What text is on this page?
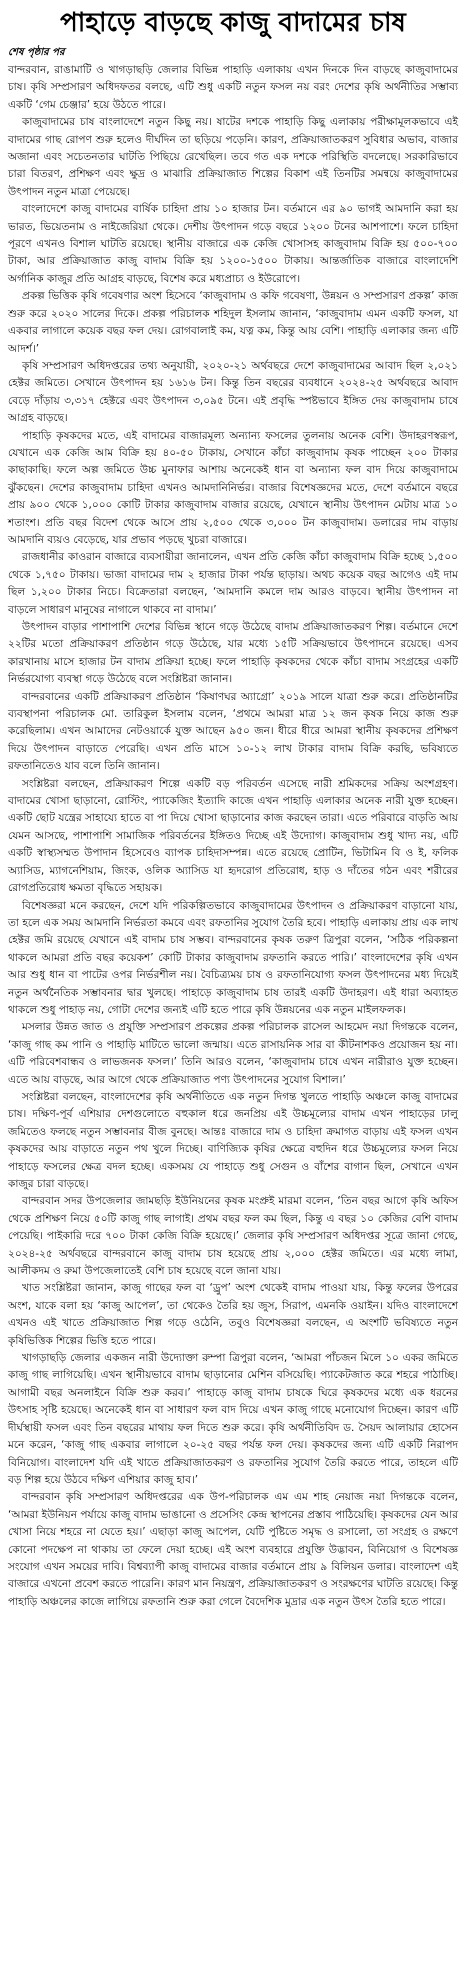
পাহাড়ে বাড়ছে কাজু বাদামের চাষ
শেষ পৃষ্ঠার পর

বান্দরবান, রাঙামাটি ও খাগড়াছড়ি জেলার বিভিন্ন পাহাড়ি এলাকায় এখন দিনকে দিন বাড়ছে কাজুবাদামের চাষ। কৃষি সম্প্রসারণ অধিদফতর বলছে, এটি শুধু একটি নতুন ফসল নয় বরং দেশের কৃষি অর্থনীতির সম্ভাব্য একটি ‘গেম চেঞ্জার’ হয়ে উঠতে পারে।

কাজুবাদামের চাষ বাংলাদেশে নতুন কিছু নয়। ষাটের দশকে পাহাড়ি কিছু এলাকায় পরীক্ষামূলকভাবে এই বাদামের গাছ রোপণ শুরু হলেও দীর্ঘদিন তা ছড়িয়ে পড়েনি। কারণ, প্রক্রিয়াজাতকরণ সুবিধার অভাব, বাজার অজানা এবং সচেতনতার ঘাটতি পিছিয়ে রেখেছিল। তবে গত এক দশকে পরিস্থিতি বদলেছে। সরকারিভাবে চারা বিতরণ, প্রশিক্ষণ এবং ক্ষুদ্র ও মাঝারি প্রক্রিয়াজাত শিল্পের বিকাশ এই তিনটির সমন্বয়ে কাজুবাদামের উৎপাদন নতুন মাত্রা পেয়েছে।

বাংলাদেশে কাজু বাদামের বার্ষিক চাহিদা প্রায় ১০ হাজার টন। বর্তমানে এর ৯০ ভাগই আমদানি করা হয় ভারত, ভিয়েতনাম ও নাইজেরিয়া থেকে। দেশীয় উৎপাদন গড়ে বছরে ১২০০ টনের আশপাশে। ফলে চাহিদা পূরণে এখনও বিশাল ঘাটতি রয়েছে। স্থানীয় বাজারে এক কেজি খোসাসহ কাজুবাদাম বিক্রি হয় ৫০০-৭০০ টাকা, আর প্রক্রিয়াজাত কাজু বাদাম বিক্রি হয় ১২০০-১৫০০ টাকায়। আন্তর্জাতিক বাজারে বাংলাদেশি অর্গানিক কাজুর প্রতি আগ্রহ বাড়ছে, বিশেষ করে মধ্যপ্রাচ্য ও ইউরোপে।

প্রকল্প ভিত্তিক কৃষি গবেষণার অংশ হিসেবে ‘কাজুবাদাম ও কফি গবেষণা, উন্নয়ন ও সম্প্রসারণ প্রকল্প’ কাজ শুরু করে ২০২০ সালের দিকে। প্রকল্প পরিচালক শহিদুল ইসলাম জানান, ‘কাজুবাদাম এমন একটি ফসল, যা একবার লাগালে কয়েক বছর ফল দেয়। রোগবালাই কম, যত্ন কম, কিন্তু আয় বেশি। পাহাড়ি এলাকার জন্য এটি আদর্শ।’

কৃষি সম্প্রসারণ অধিদপ্তরের তথ্য অনুযায়ী, ২০২০-২১ অর্থবছরে দেশে কাজুবাদামের আবাদ ছিল ২,০২১ হেক্টর জমিতে। সেখানে উৎপাদন হয় ১৬১৬ টন। কিন্তু তিন বছরের ব্যবধানে ২০২৪-২৫ অর্থবছরে আবাদ বেড়ে দাঁড়ায় ৩,৩১৭ হেক্টরে এবং উৎপাদন ৩,০৯৫ টনে। এই প্রবৃদ্ধি স্পষ্টভাবে ইঙ্গিত দেয় কাজুবাদাম চাষে আগ্রহ বাড়ছে।

পাহাড়ি কৃষকদের মতে, এই বাদামের বাজারমূল্য অন্যান্য ফসলের তুলনায় অনেক বেশি। উদাহরণস্বরূপ, যেখানে এক কেজি আম বিক্রি হয় ৪০-৫০ টাকায়, সেখানে কাঁচা কাজুবাদাম কৃষক পাচ্ছেন ২০০ টাকার কাছাকাছি। ফলে অল্প জমিতে উচ্চ মুনাফার আশায় অনেকেই ধান বা অন্যান্য ফল বাদ দিয়ে কাজুবাদামে ঝুঁকছেন। দেশের কাজুবাদাম চাহিদা এখনও আমদানিনির্ভর। বাজার বিশেষজ্ঞদের মতে, দেশে বর্তমানে বছরে প্রায় ৯০০ থেকে ১,০০০ কোটি টাকার কাজুবাদাম বাজার রয়েছে, যেখানে স্থানীয় উৎপাদন মেটায় মাত্র ১০ শতাংশ। প্রতি বছর বিদেশ থেকে আসে প্রায় ২,৫০০ থেকে ৩,০০০ টন কাজুবাদাম। ডলারের দাম বাড়ায় আমদানি ব্যয়ও বেড়েছে, যার প্রভাব পড়ছে খুচরা বাজারে।

রাজধানীর কাওরান বাজারে ব্যবসায়ীরা জানালেন, এখন প্রতি কেজি কাঁচা কাজুবাদাম বিক্রি হচ্ছে ১,৫০০ থেকে ১,৭৫০ টাকায়। ভাজা বাদামের দাম ২ হাজার টাকা পর্যন্ত ছাড়ায়। অথচ কয়েক বছর আগেও এই দাম ছিল ১,২০০ টাকার নিচে। বিক্রেতারা বলছেন, ‘আমদানি কমলে দাম আরও বাড়বে। স্থানীয় উৎপাদন না বাড়লে সাধারণ মানুষের নাগালে থাকবে না বাদাম।’

উৎপাদন বাড়ার পাশাপাশি দেশের বিভিন্ন স্থানে গড়ে উঠেছে বাদাম প্রক্রিয়াজাতকরণ শিল্প। বর্তমানে দেশে ২২টির মতো প্রক্রিয়াকরণ প্রতিষ্ঠান গড়ে উঠেছে, যার মধ্যে ১৫টি সক্রিয়ভাবে উৎপাদনে রয়েছে। এসব কারখানায় মাসে হাজার টন বাদাম প্রক্রিয়া হচ্ছে। ফলে পাহাড়ি কৃষকদের থেকে কাঁচা বাদাম সংগ্রহের একটি নির্ভরযোগ্য ব্যবস্থা গড়ে উঠেছে বলে সংশ্লিষ্টরা জানান।

বান্দরবানের একটি প্রক্রিয়াকরণ প্রতিষ্ঠান ‘কিষাণঘর অ্যাগ্রো’ ২০১৯ সালে যাত্রা শুরু করে। প্রতিষ্ঠানটির ব্যবস্থাপনা পরিচালক মো. তারিকুল ইসলাম বলেন, ‘প্রথমে আমরা মাত্র ১২ জন কৃষক নিয়ে কাজ শুরু করেছিলাম। এখন আমাদের নেটওয়ার্কে যুক্ত আছেন ৯৫০ জন। ধীরে ধীরে আমরা স্থানীয় কৃষকদের প্রশিক্ষণ দিয়ে উৎপাদন বাড়াতে পেরেছি। এখন প্রতি মাসে ১০-১২ লাখ টাকার বাদাম বিক্রি করছি, ভবিষ্যতে রফতানিতেও যাব বলে তিনি জানান।

সংশ্লিষ্টরা বলছেন, প্রক্রিয়াকরণ শিল্পে একটি বড় পরিবর্তন এসেছে নারী শ্রমিকদের সক্রিয় অংশগ্রহণ। বাদামের খোসা ছাড়ানো, রোস্টিং, প্যাকেজিং ইত্যাদি কাজে এখন পাহাড়ি এলাকার অনেক নারী যুক্ত হচ্ছেন। একটি ছোট যন্ত্রের সাহায্যে হাতে বা পা দিয়ে খোসা ছাড়ানোর কাজ করছেন তারা। এতে পরিবারে বাড়তি আয় যেমন আসছে, পাশাপাশি সামাজিক পরিবর্তনের ইঙ্গিতও দিচ্ছে এই উদ্যোগ। কাজুবাদাম শুধু খাদ্য নয়, এটি একটি স্বাস্থ্যসম্মত উপাদান হিসেবেও ব্যাপক চাহিদাসম্পন্ন। এতে রয়েছে প্রোটিন, ভিটামিন বি ও ই, ফলিক অ্যাসিড, ম্যাগনেশিয়াম, জিংক, ওলিক অ্যাসিড যা হৃদরোগ প্রতিরোধ, হাড় ও দাঁতের গঠন এবং শরীরের রোগপ্রতিরোধ ক্ষমতা বৃদ্ধিতে সহায়ক।

বিশেষজ্ঞরা মনে করছেন, দেশে যদি পরিকল্পিতভাবে কাজুবাদামের উৎপাদন ও প্রক্রিয়াকরণ বাড়ানো যায়, তা হলে এক সময় আমদানি নির্ভরতা কমবে এবং রফতানির সুযোগ তৈরি হবে। পাহাড়ি এলাকায় প্রায় এক লাখ হেক্টর জমি রয়েছে যেখানে এই বাদাম চাষ সম্ভব। বান্দরবানের কৃষক তরুণ ত্রিপুরা বলেন, ‘সঠিক পরিকল্পনা থাকলে আমরা প্রতি বছর কয়েকশ’ কোটি টাকার কাজুবাদাম রফতানি করতে পারি।’ বাংলাদেশের কৃষি এখন আর শুধু ধান বা পাটের ওপর নির্ভরশীল নয়। বৈচিত্র্যময় চাষ ও রফতানিযোগ্য ফসল উৎপাদনের মধ্য দিয়েই নতুন অর্থনৈতিক সম্ভাবনার দ্বার খুলছে। পাহাড়ে কাজুবাদাম চাষ তারই একটি উদাহরণ। এই ধারা অব্যাহত থাকলে শুধু পাহাড় নয়, গোটা দেশের জন্যই এটি হতে পারে কৃষি উন্নয়নের এক নতুন মাইলফলক।

মসলার উন্নত জাত ও প্রযুক্তি সম্প্রসারণ প্রকল্পের প্রকল্প পরিচালক রাসেল আহমেদ নয়া দিগন্তকে বলেন, ‘কাজু গাছ কম পানি ও পাহাড়ি মাটিতে ভালো জন্মায়। এতে রাসায়নিক সার বা কীটনাশকও প্রয়োজন হয় না। এটি পরিবেশবান্ধব ও লাভজনক ফসল।’ তিনি আরও বলেন, ‘কাজুবাদাম চাষে এখন নারীরাও যুক্ত হচ্ছেন। এতে আয় বাড়ছে, আর আগে থেকে প্রক্রিয়াজাত পণ্য উৎপাদনের সুযোগ বিশাল।’

সংশ্লিষ্টরা বলছেন, বাংলাদেশের কৃষি অর্থনীতিতে এক নতুন দিগন্ত খুলতে পাহাড়ি অঞ্চলে কাজু বাদামের চাষ। দক্ষিণ-পূর্ব এশিয়ার দেশগুলোতে বহুকাল ধরে জনপ্রিয় এই উচ্চমূল্যের বাদাম এখন পাহাড়ের ঢালু জমিতেও ফলছে নতুন সম্ভাবনার বীজ বুনছে। আন্তঃ বাজারে দাম ও চাহিদা ক্রমাগত বাড়ায় এই ফসল এখন কৃষকদের আয় বাড়াতে নতুন পথ খুলে দিচ্ছে। বাণিজ্যিক কৃষির ক্ষেত্রে বহুদিন ধরে উচ্চমূল্যের ফসল নিয়ে পাহাড়ে ফসলের ক্ষেত্র বদল হচ্ছে। একসময় যে পাহাড়ে শুধু সেগুন ও বাঁশের বাগান ছিল, সেখানে এখন কাজুর চারা বাড়ছে।

বান্দরবান সদর উপজেলার জামছড়ি ইউনিয়নের কৃষক মংপ্রুই মারমা বলেন, ‘তিন বছর আগে কৃষি অফিস থেকে প্রশিক্ষণ নিয়ে ৫০টি কাজু গাছ লাগাই। প্রথম বছর ফল কম ছিল, কিন্তু এ বছর ১০ কেজির বেশি বাদাম পেয়েছি। পাইকারি দরে ৭০০ টাকা কেজি বিক্রি হয়েছে।’ জেলার কৃষি সম্প্রসারণ অধিদপ্তর সূত্রে জানা গেছে, ২০২৪-২৫ অর্থবছরে বান্দরবানে কাজু বাদাম চাষ হয়েছে প্রায় ২,০০০ হেক্টর জমিতে। এর মধ্যে লামা, আলীকদম ও রুমা উপজেলাতেই বেশি চাষ হয়েছে বলে জানা যায়।

খাত সংশ্লিষ্টরা জানান, কাজু গাছের ফল বা ‘ড্রুপ’ অংশ থেকেই বাদাম পাওয়া যায়, কিন্তু ফলের উপরের অংশ, যাকে বলা হয় ‘কাজু আপেল’, তা থেকেও তৈরি হয় জুস, সিরাপ, এমনকি ওয়াইন। যদিও বাংলাদেশে এখনও এই খাতে প্রক্রিয়াজাত শিল্প গড়ে ওঠেনি, তবুও বিশেষজ্ঞরা বলছেন, এ অংশটি ভবিষ্যতে নতুন কৃষিভিত্তিক শিল্পের ভিত্তি হতে পারে।

খাগড়াছড়ি জেলার একজন নারী উদ্যোক্তা রুম্পা ত্রিপুরা বলেন, ‘আমরা পাঁচজন মিলে ১০ একর জমিতে কাজু গাছ লাগিয়েছি। এখন স্থানীয়ভাবে বাদাম ছাড়ানোর মেশিন বসিয়েছি। প্যাকেটজাত করে শহরে পাঠাচ্ছি। আগামী বছর অনলাইনে বিক্রি শুরু করব।’ পাহাড়ে কাজু বাদাম চাষকে ঘিরে কৃষকদের মধ্যে এক ধরনের উৎসাহ সৃষ্টি হয়েছে। অনেকেই ধান বা সাধারণ ফল বাদ দিয়ে এখন কাজু গাছে মনোযোগ দিচ্ছেন। কারণ এটি দীর্ঘস্থায়ী ফসল এবং তিন বছরের মাথায় ফল দিতে শুরু করে। কৃষি অর্থনীতিবিদ ড. সৈয়দ আলায়ার হোসেন মনে করেন, ‘কাজু গাছ একবার লাগালে ২০-২৫ বছর পর্যন্ত ফল দেয়। কৃষকদের জন্য এটি একটি নিরাপদ বিনিয়োগ। বাংলাদেশ যদি এই খাতে প্রক্রিয়াজাতকরণ ও রফতানির সুযোগ তৈরি করতে পারে, তাহলে এটি বড় শিল্প হয়ে উঠবে দক্ষিণ এশিয়ার কাজু হাব।’

বান্দরবান কৃষি সম্প্রসারণ অধিদপ্তরের এক উপ-পরিচালক এম এম শাহ নেয়াজ নয়া দিগন্তকে বলেন, ‘আমরা ইউনিয়ন পর্যায়ে কাজু বাদাম ভাঙানো ও প্রসেসিং কেন্দ্র স্থাপনের প্রস্তাব পাঠিয়েছি। কৃষকদের যেন আর খোসা নিয়ে শহরে না যেতে হয়।’ এছাড়া কাজু আপেল, যেটি পুষ্টিতে সমৃদ্ধ ও রসালো, তা সংগ্রহ ও রক্ষণে কোনো পদক্ষেপ না থাকায় তা ফেলে দেয়া হচ্ছে। এই অংশ ব্যবহারে প্রযুক্তি উদ্ভাবন, বিনিয়োগ ও বিশেষজ্ঞ সংযোগ এখন সময়ের দাবি। বিশ্বব্যাপী কাজু বাদামের বাজার বর্তমানে প্রায় ৯ বিলিয়ন ডলার। বাংলাদেশ এই বাজারে এখনো প্রবেশ করতে পারেনি। কারণ মান নিয়ন্ত্রণ, প্রক্রিয়াজাতকরণ ও সংরক্ষণের ঘাটতি রয়েছে। কিন্তু পাহাড়ি অঞ্চলের কাজে লাগিয়ে রফতানি শুরু করা গেলে বৈদেশিক মুদ্রার এক নতুন উৎস তৈরি হতে পারে।
